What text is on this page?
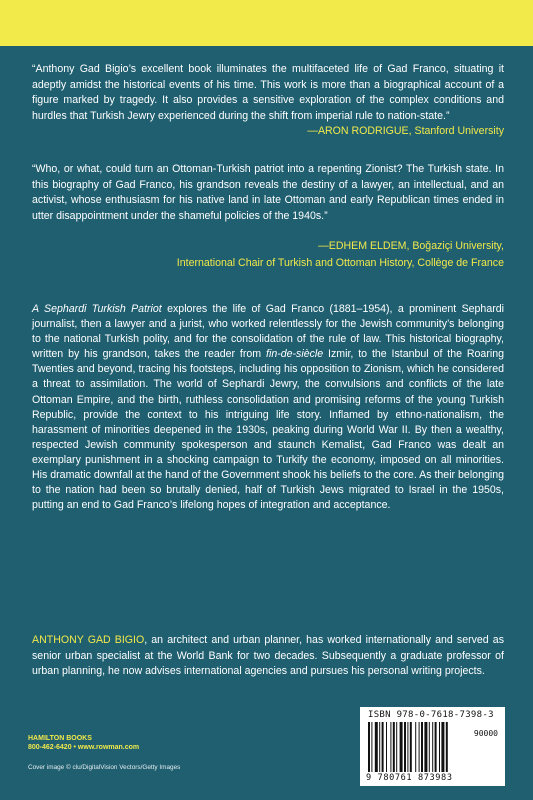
“Anthony Gad Bigio’s excellent book illuminates the multifaceted life of Gad Franco, situating it adeptly amidst the historical events of his time. This work is more than a biographical account of a figure marked by tragedy. It also provides a sensitive exploration of the complex conditions and hurdles that Turkish Jewry experienced during the shift from imperial rule to nation-state.”
—ARON RODRIGUE, Stanford University
“Who, or what, could turn an Ottoman-Turkish patriot into a repenting Zionist? The Turkish state. In this biography of Gad Franco, his grandson reveals the destiny of a lawyer, an intellectual, and an activist, whose enthusiasm for his native land in late Ottoman and early Republican times ended in utter disappointment under the shameful policies of the 1940s.”
—EDHEM ELDEM, Boğaziçi University,
International Chair of Turkish and Ottoman History, Collège de France
A Sephardi Turkish Patriot explores the life of Gad Franco (1881–1954), a prominent Sephardi journalist, then a lawyer and a jurist, who worked relentlessly for the Jewish community’s belonging to the national Turkish polity, and for the consolidation of the rule of law. This historical biography, written by his grandson, takes the reader from fin-de-siècle Izmir, to the Istanbul of the Roaring Twenties and beyond, tracing his footsteps, including his opposition to Zionism, which he considered a threat to assimilation. The world of Sephardi Jewry, the convulsions and conflicts of the late Ottoman Empire, and the birth, ruthless consolidation and promising reforms of the young Turkish Republic, provide the context to his intriguing life story. Inflamed by ethno-nationalism, the harassment of minorities deepened in the 1930s, peaking during World War II. By then a wealthy, respected Jewish community spokesperson and staunch Kemalist, Gad Franco was dealt an exemplary punishment in a shocking campaign to Turkify the economy, imposed on all minorities. His dramatic downfall at the hand of the Government shook his beliefs to the core. As their belonging to the nation had been so brutally denied, half of Turkish Jews migrated to Israel in the 1950s, putting an end to Gad Franco’s lifelong hopes of integration and acceptance.
ANTHONY GAD BIGIO, an architect and urban planner, has worked internationally and served as senior urban specialist at the World Bank for two decades. Subsequently a graduate professor of urban planning, he now advises international agencies and pursues his personal writing projects.
HAMILTON BOOKS
800-462-6420 • www.rowman.com
Cover image © clu/DigitalVision Vectors/Getty Images
ISBN 978-0-7618-7398-3
90000
9 780761 873983
